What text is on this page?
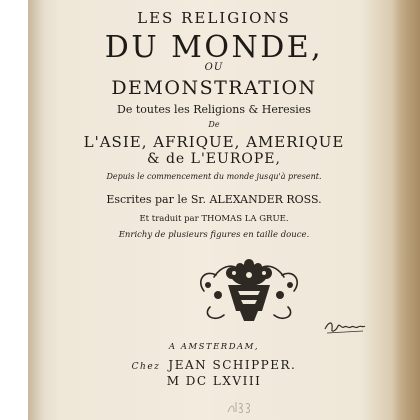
LES RELIGIONS
DU MONDE,
OU
DEMONSTRATION
De toutes les Religions & Heresies
De
L'ASIE, AFRIQUE, AMERIQUE
& de L'EUROPE,
Depuis le commencement du monde jusqu'à present.
Escrites par le Sr. ALEXANDER ROSS.
Et traduit par THOMAS LA GRUE.
Enrichy de plusieurs figures en taille douce.
A AMSTERDAM,
Chez JEAN SCHIPPER.
M DC LXVIII
